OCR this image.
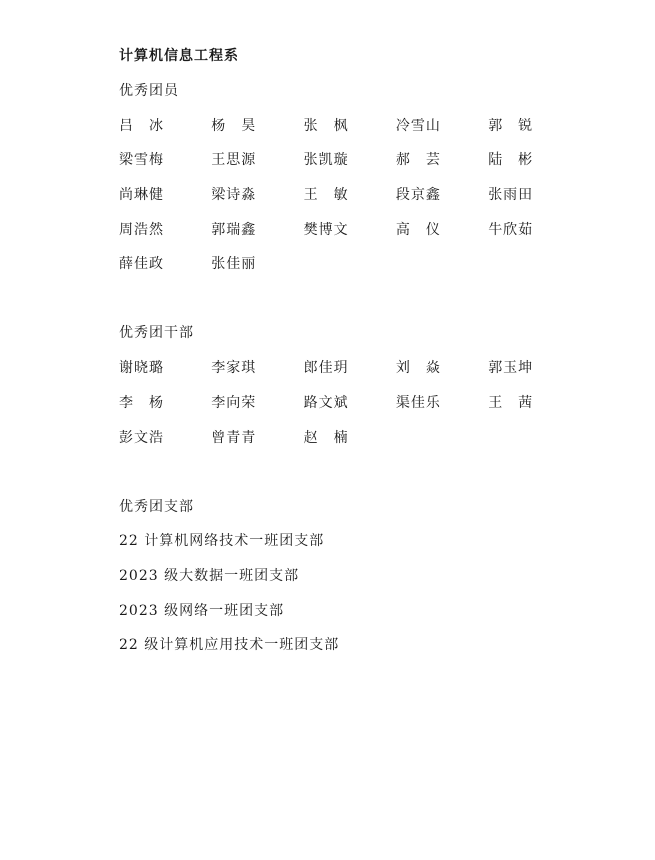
计算机信息工程系
优秀团员
吕　冰	杨　昊	张　枫	冷雪山	郭　锐
梁雪梅	王思源	张凯璇	郝　芸	陆　彬
尚琳健	梁诗淼	王　敏	段京鑫	张雨田
周浩然	郭瑞鑫	樊博文	高　仪	牛欣茹
薛佳政	张佳丽
优秀团干部
谢晓璐	李家琪	郎佳玥	刘　焱	郭玉坤
李　杨	李向荣	路文斌	渠佳乐	王　茜
彭文浩	曾青青	赵　楠
优秀团支部
22 计算机网络技术一班团支部
2023 级大数据一班团支部
2023 级网络一班团支部
22 级计算机应用技术一班团支部
